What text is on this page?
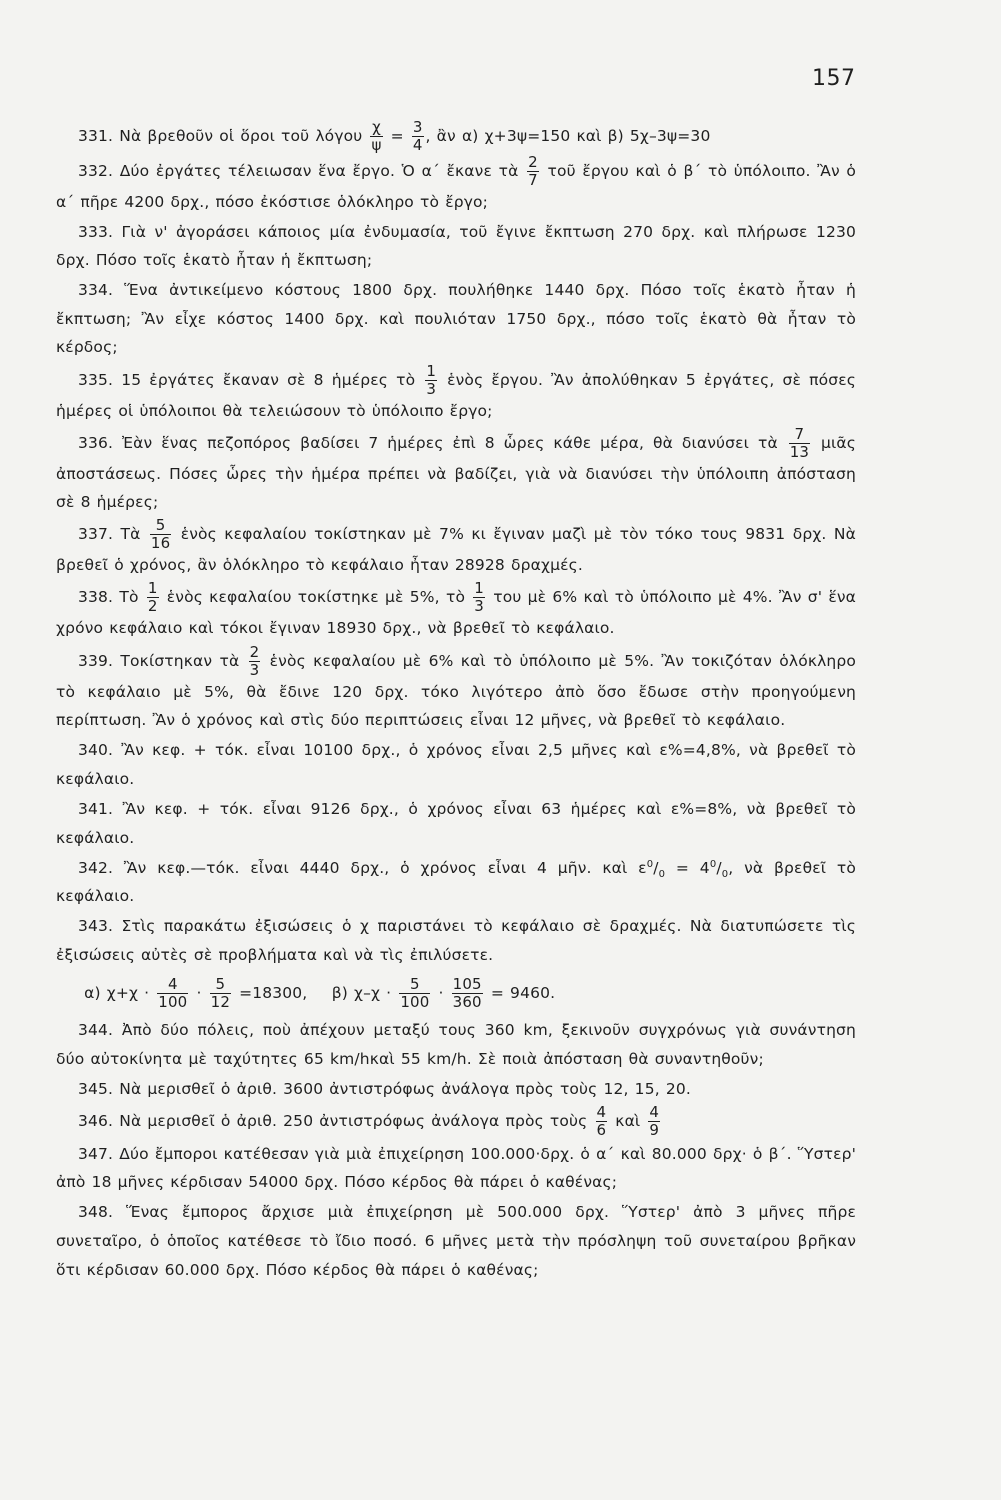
157

331. Νὰ βρεθοῦν οἱ ὅροι τοῦ λόγου $\frac{\chi}{\psi} = \frac{3}{4}$ , ἂν α) χ+3ψ=150 καὶ β) 5χ–3ψ=30

332. Δύο ἐργάτες τέλειωσαν ἕνα ἔργο. Ὁ α΄ ἔκανε τὰ $\frac{2}{7}$ τοῦ ἔργου καὶ ὁ β΄ τὸ ὑπόλοιπο. Ἂν ὁ α΄ πῆρε 4200 δρχ., πόσο ἐκόστισε ὁλόκληρο τὸ ἔργο;

333. Γιὰ ν' ἀγοράσει κάποιος μία ἐνδυμασία, τοῦ ἔγινε ἔκπτωση 270 δρχ. καὶ πλήρωσε 1230 δρχ. Πόσο τοῖς ἑκατὸ ἦταν ἡ ἔκπτωση;

334. Ἕνα ἀντικείμενο κόστους 1800 δρχ. πουλήθηκε 1440 δρχ. Πόσο τοῖς ἑκατὸ ἦταν ἡ ἔκπτωση; Ἂν εἶχε κόστος 1400 δρχ. καὶ πουλιόταν 1750 δρχ., πόσο τοῖς ἑκατὸ θὰ ἦταν τὸ κέρδος;

335. 15 ἐργάτες ἔκαναν σὲ 8 ἡμέρες τὸ $\frac{1}{3}$ ἑνὸς ἔργου. Ἂν ἀπολύθηκαν 5 ἐργάτες, σὲ πόσες ἡμέρες οἱ ὑπόλοιποι θὰ τελειώσουν τὸ ὑπόλοιπο ἔργο;

336. Ἐὰν ἕνας πεζοπόρος βαδίσει 7 ἡμέρες ἐπὶ 8 ὧρες κάθε μέρα, θὰ διανύσει τὰ $\frac{7}{13}$ μιᾶς ἀποστάσεως. Πόσες ὧρες τὴν ἡμέρα πρέπει νὰ βαδίζει, γιὰ νὰ διανύσει τὴν ὑπόλοιπη ἀπόσταση σὲ 8 ἡμέρες;

337. Τὰ $\frac{5}{16}$ ἑνὸς κεφαλαίου τοκίστηκαν μὲ 7% κι ἔγιναν μαζὶ μὲ τὸν τόκο τους 9831 δρχ. Νὰ βρεθεῖ ὁ χρόνος, ἂν ὁλόκληρο τὸ κεφάλαιο ἦταν 28928 δραχμές.

338. Τὸ $\frac{1}{2}$ ἑνὸς κεφαλαίου τοκίστηκε μὲ 5%, τὸ $\frac{1}{3}$ του μὲ 6% καὶ τὸ ὑπόλοιπο μὲ 4%. Ἂν σ' ἕνα χρόνο κεφάλαιο καὶ τόκοι ἔγιναν 18930 δρχ., νὰ βρεθεῖ τὸ κεφάλαιο.

339. Τοκίστηκαν τὰ $\frac{2}{3}$ ἑνὸς κεφαλαίου μὲ 6% καὶ τὸ ὑπόλοιπο μὲ 5%. Ἂν τοκιζόταν ὁλόκληρο τὸ κεφάλαιο μὲ 5%, θὰ ἔδινε 120 δρχ. τόκο λιγότερο ἀπὸ ὅσο ἔδωσε στὴν προηγούμενη περίπτωση. Ἂν ὁ χρόνος καὶ στὶς δύο περιπτώσεις εἶναι 12 μῆνες, νὰ βρεθεῖ τὸ κεφάλαιο.

340. Ἂν κεφ. + τόκ. εἶναι 10100 δρχ., ὁ χρόνος εἶναι 2,5 μῆνες καὶ ε%=4,8%, νὰ βρεθεῖ τὸ κεφάλαιο.

341. Ἂν κεφ. + τόκ. εἶναι 9126 δρχ., ὁ χρόνος εἶναι 63 ἡμέρες καὶ ε%=8%, νὰ βρεθεῖ τὸ κεφάλαιο.

342. Ἂν κεφ.—τόκ. εἶναι 4440 δρχ., ὁ χρόνος εἶναι 4 μῆν. καὶ $\varepsilon^0/_0 = 4^0/_0$, νὰ βρεθεῖ τὸ κεφάλαιο.

343. Στὶς παρακάτω ἐξισώσεις ὁ χ παριστάνει τὸ κεφάλαιο σὲ δραχμές. Νὰ διατυπώσετε τὶς ἐξισώσεις αὐτὲς σὲ προβλήματα καὶ νὰ τὶς ἐπιλύσετε.

α) $\chi+\chi \cdot \frac{4}{100} \cdot \frac{5}{12} =18300$, β) $\chi-\chi \cdot \frac{5}{100} \cdot \frac{105}{360} = 9460$.

344. Ἀπὸ δύο πόλεις, ποὺ ἀπέχουν μεταξύ τους 360 km, ξεκινοῦν συγχρόνως γιὰ συνάντηση δύο αὐτοκίνητα μὲ ταχύτητες 65 km/hκαὶ 55 km/h. Σὲ ποιὰ ἀπόσταση θὰ συναντηθοῦν;

345. Νὰ μερισθεῖ ὁ ἀριθ. 3600 ἀντιστρόφως ἀνάλογα πρὸς τοὺς 12, 15, 20.

346. Νὰ μερισθεῖ ὁ ἀριθ. 250 ἀντιστρόφως ἀνάλογα πρὸς τοὺς $\frac{4}{6}$ καὶ $\frac{4}{9}$

347. Δύο ἔμποροι κατέθεσαν γιὰ μιὰ ἐπιχείρηση 100.000·δρχ. ὁ α΄ καὶ 80.000 δρχ· ὁ β΄. Ὕστερ' ἀπὸ 18 μῆνες κέρδισαν 54000 δρχ. Πόσο κέρδος θὰ πάρει ὁ καθένας;

348. Ἕνας ἔμπορος ἄρχισε μιὰ ἐπιχείρηση μὲ 500.000 δρχ. Ὕστερ' ἀπὸ 3 μῆνες πῆρε συνεταῖρο, ὁ ὁποῖος κατέθεσε τὸ ἴδιο ποσό. 6 μῆνες μετὰ τὴν πρόσληψη τοῦ συνεταίρου βρῆκαν ὅτι κέρδισαν 60.000 δρχ. Πόσο κέρδος θὰ πάρει ὁ καθένας;
